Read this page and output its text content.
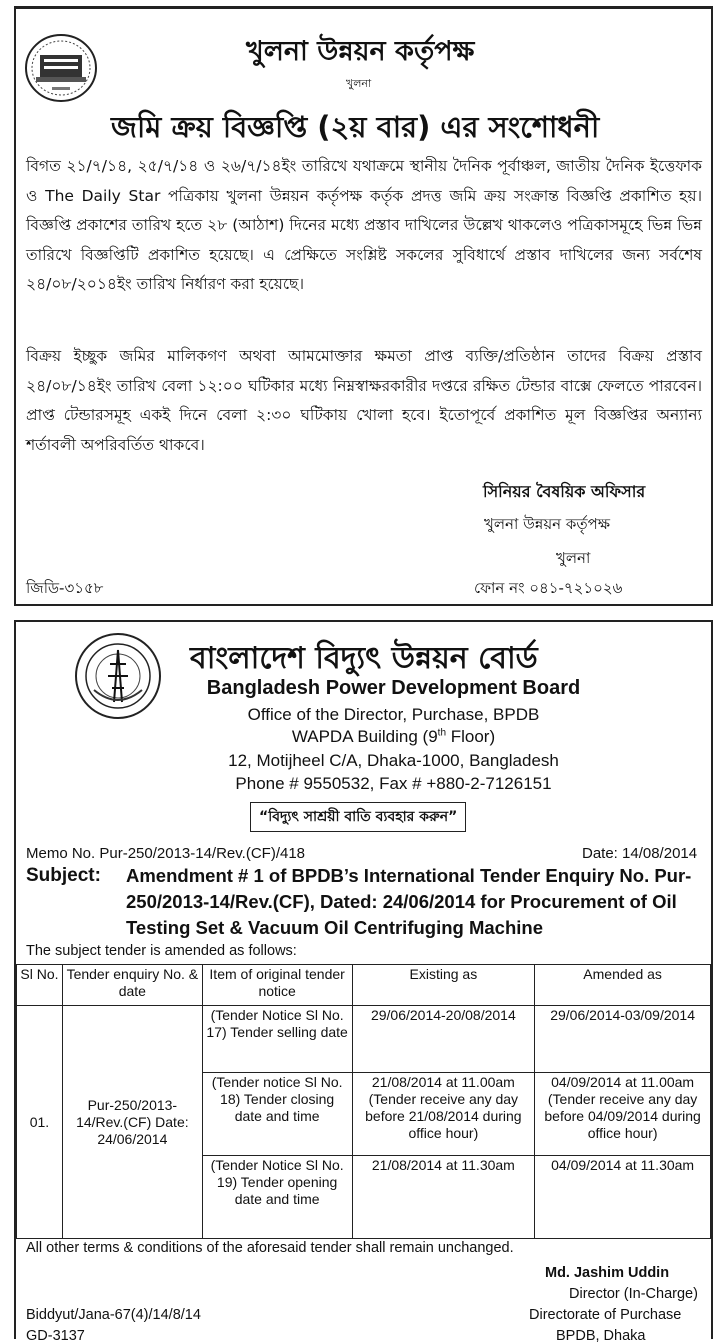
খুলনা উন্নয়ন কর্তৃপক্ষ
খুলনা
জমি ক্রয় বিজ্ঞপ্তি (২য় বার) এর সংশোধনী
বিগত ২১/৭/১৪, ২৫/৭/১৪ ও ২৬/৭/১৪ইং তারিখে যথাক্রমে স্থানীয় দৈনিক পূর্বাঞ্চল, জাতীয় দৈনিক ইত্তেফাক ও The Daily Star পত্রিকায় খুলনা উন্নয়ন কর্তৃপক্ষ কর্তৃক প্রদত্ত জমি ক্রয় সংক্রান্ত বিজ্ঞপ্তি প্রকাশিত হয়। বিজ্ঞপ্তি প্রকাশের তারিখ হতে ২৮ (আঠাশ) দিনের মধ্যে প্রস্তাব দাখিলের উল্লেখ থাকলেও পত্রিকাসমূহে ভিন্ন ভিন্ন তারিখে বিজ্ঞপ্তিটি প্রকাশিত হয়েছে। এ প্রেক্ষিতে সংশ্লিষ্ট সকলের সুবিধার্থে প্রস্তাব দাখিলের জন্য সর্বশেষ ২৪/০৮/২০১৪ইং তারিখ নির্ধারণ করা হয়েছে।
বিক্রয় ইচ্ছুক জমির মালিকগণ অথবা আমমোক্তার ক্ষমতা প্রাপ্ত ব্যক্তি/প্রতিষ্ঠান তাদের বিক্রয় প্রস্তাব ২৪/০৮/১৪ইং তারিখ বেলা ১২:০০ ঘটিকার মধ্যে নিম্নস্বাক্ষরকারীর দপ্তরে রক্ষিত টেন্ডার বাক্সে ফেলতে পারবেন। প্রাপ্ত টেন্ডারসমূহ একই দিনে বেলা ২:৩০ ঘটিকায় খোলা হবে। ইতোপূর্বে প্রকাশিত মূল বিজ্ঞপ্তির অন্যান্য শর্তাবলী অপরিবর্তিত থাকবে।
সিনিয়র বৈষয়িক অফিসার
খুলনা উন্নয়ন কর্তৃপক্ষ
খুলনা
জিডি-৩১৫৮	ফোন নং ০৪১-৭২১০২৬
বাংলাদেশ বিদ্যুৎ উন্নয়ন বোর্ড
Bangladesh Power Development Board
Office of the Director, Purchase, BPDB
WAPDA Building (9th Floor)
12, Motijheel C/A, Dhaka-1000, Bangladesh
Phone # 9550532, Fax # +880-2-7126151
“বিদ্যুৎ সাশ্রয়ী বাতি ব্যবহার করুন”
Memo No. Pur-250/2013-14/Rev.(CF)/418	Date: 14/08/2014
Subject: Amendment # 1 of BPDB’s International Tender Enquiry No. Pur-
250/2013-14/Rev.(CF), Dated: 24/06/2014 for Procurement of Oil
Testing Set & Vacuum Oil Centrifuging Machine
The subject tender is amended as follows:
Sl No.	Tender enquiry No. & date	Item of original tender notice	Existing as	Amended as
01.	Pur-250/2013-14/Rev.(CF) Date: 24/06/2014	(Tender Notice Sl No. 17) Tender selling date	29/06/2014-20/08/2014	29/06/2014-03/09/2014
		(Tender notice Sl No. 18) Tender closing date and time	21/08/2014 at 11.00am (Tender receive any day before 21/08/2014 during office hour)	04/09/2014 at 11.00am (Tender receive any day before 04/09/2014 during office hour)
		(Tender Notice Sl No. 19) Tender opening date and time	21/08/2014 at 11.30am	04/09/2014 at 11.30am
All other terms & conditions of the aforesaid tender shall remain unchanged.
Md. Jashim Uddin
Director (In-Charge)
Directorate of Purchase
BPDB, Dhaka
Biddyut/Jana-67(4)/14/8/14
GD-3137
